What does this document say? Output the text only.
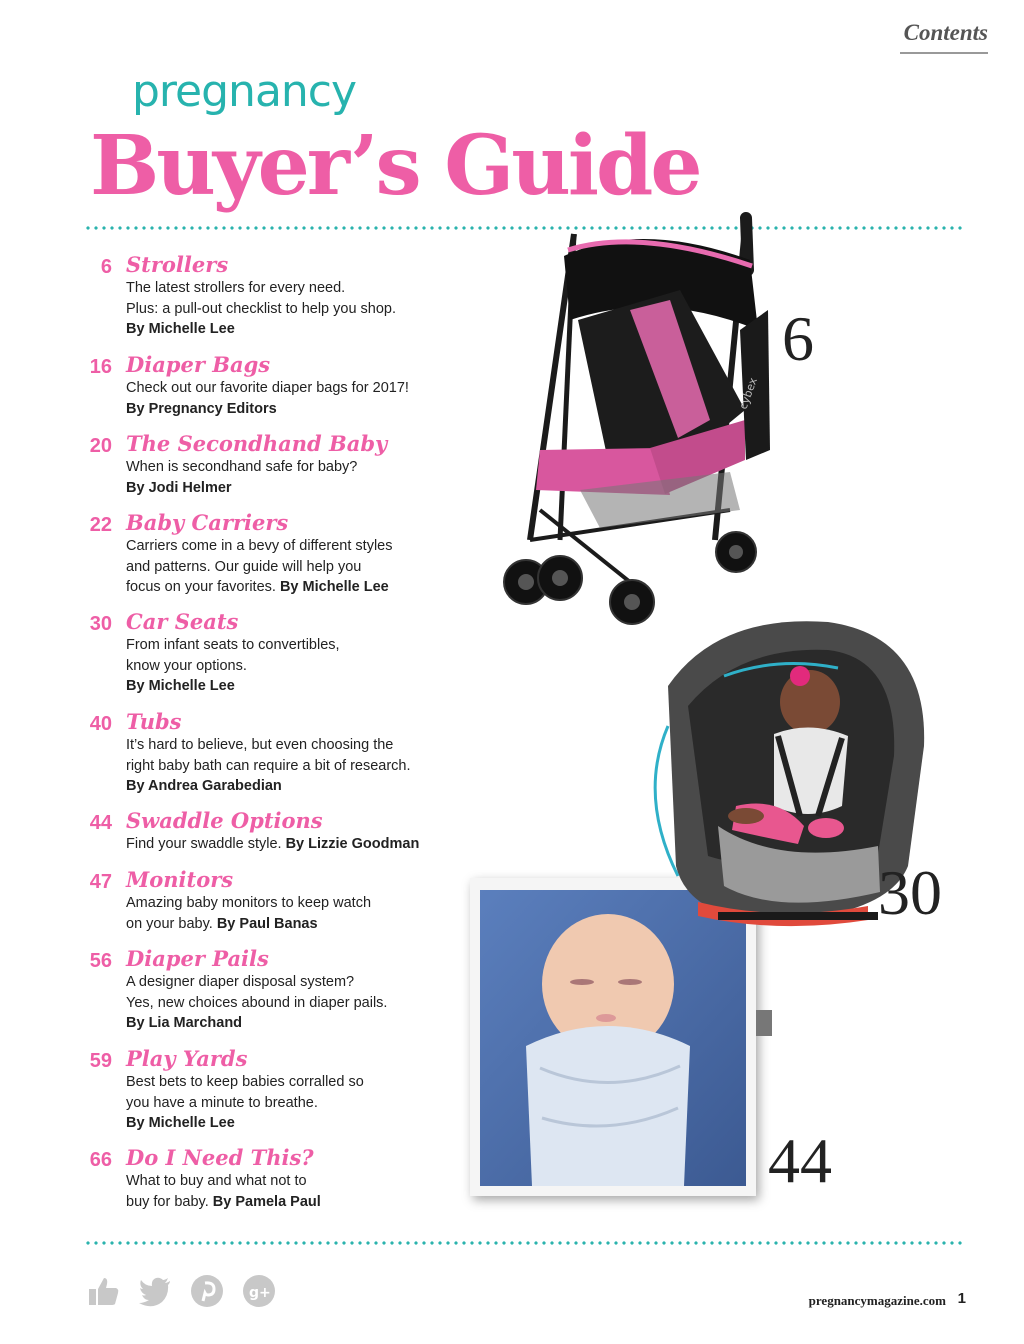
Contents
pregnancy
Buyer’s Guide
6 Strollers
The latest strollers for every need.
Plus: a pull-out checklist to help you shop.
By Michelle Lee
16 Diaper Bags
Check out our favorite diaper bags for 2017!
By Pregnancy Editors
20 The Secondhand Baby
When is secondhand safe for baby?
By Jodi Helmer
22 Baby Carriers
Carriers come in a bevy of different styles
and patterns. Our guide will help you
focus on your favorites. By Michelle Lee
30 Car Seats
From infant seats to convertibles,
know your options.
By Michelle Lee
40 Tubs
It’s hard to believe, but even choosing the
right baby bath can require a bit of research.
By Andrea Garabedian
44 Swaddle Options
Find your swaddle style. By Lizzie Goodman
47 Monitors
Amazing baby monitors to keep watch
on your baby. By Paul Banas
56 Diaper Pails
A designer diaper disposal system?
Yes, new choices abound in diaper pails.
By Lia Marchand
59 Play Yards
Best bets to keep babies corralled so
you have a minute to breathe.
By Michelle Lee
66 Do I Need This?
What to buy and what not to
buy for baby. By Pamela Paul
cybex
6
44
30
g+	pregnancymagazine.com 1
